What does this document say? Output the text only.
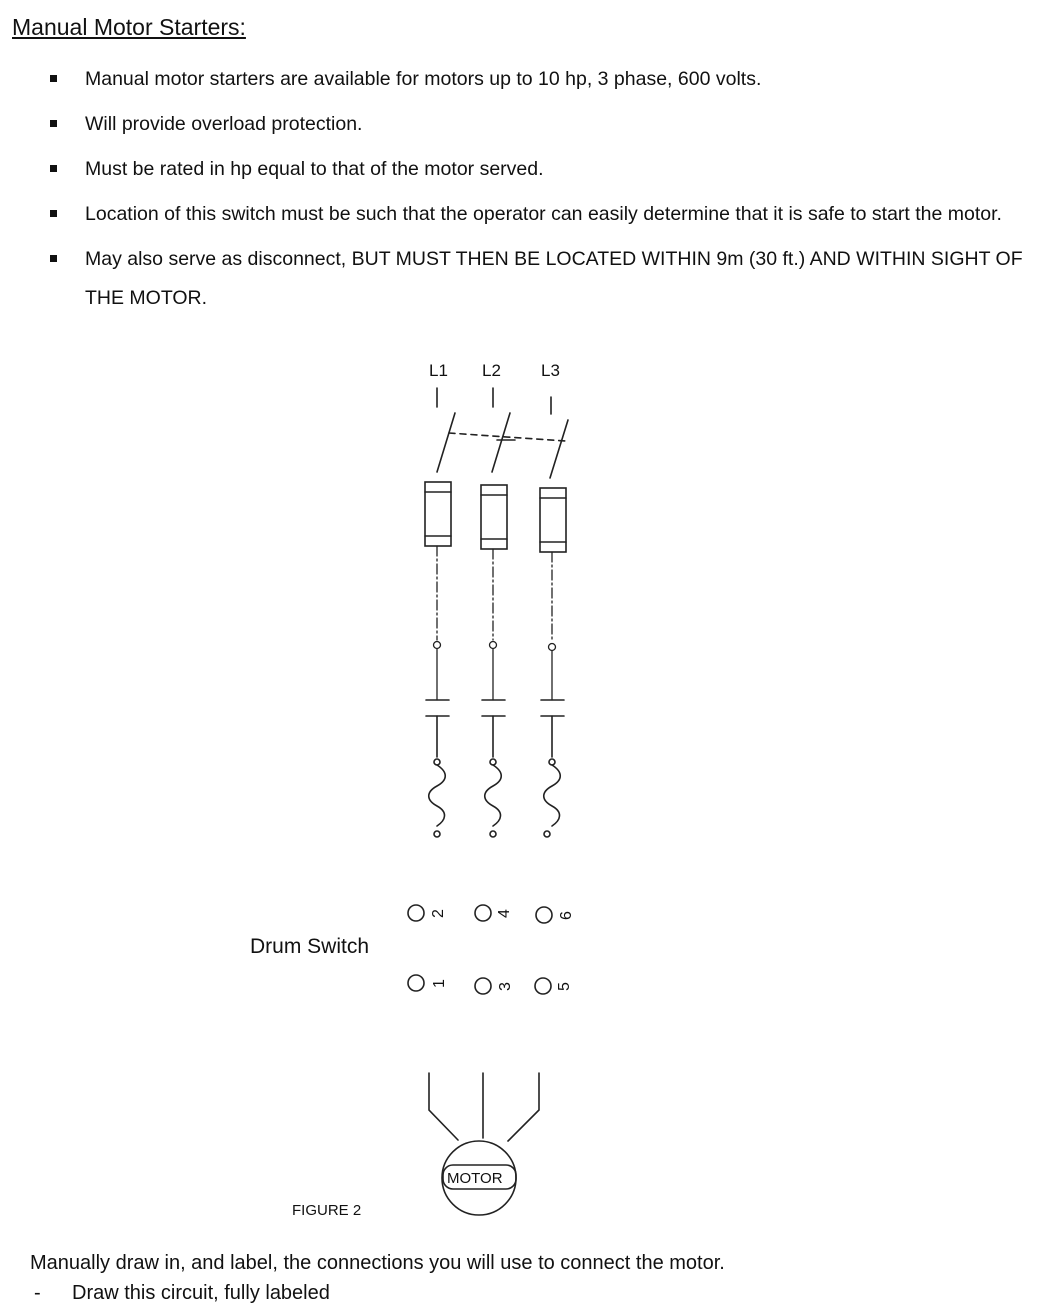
Manual Motor Starters:
Manual motor starters are available for motors up to 10 hp, 3 phase, 600 volts.
Will provide overload protection.
Must be rated in hp equal to that of the motor served.
Location of this switch must be such that the operator can easily determine that it is safe to start the motor.
May also serve as disconnect, BUT MUST THEN BE LOCATED WITHIN 9m (30 ft.) AND WITHIN SIGHT OF THE MOTOR.
L1 L2 L3
Drum Switch
2	4	6
1	3	5
MOTOR
FIGURE 2

Manually draw in, and label, the connections you will use to connect the motor.

- Draw this circuit, fully labeled
